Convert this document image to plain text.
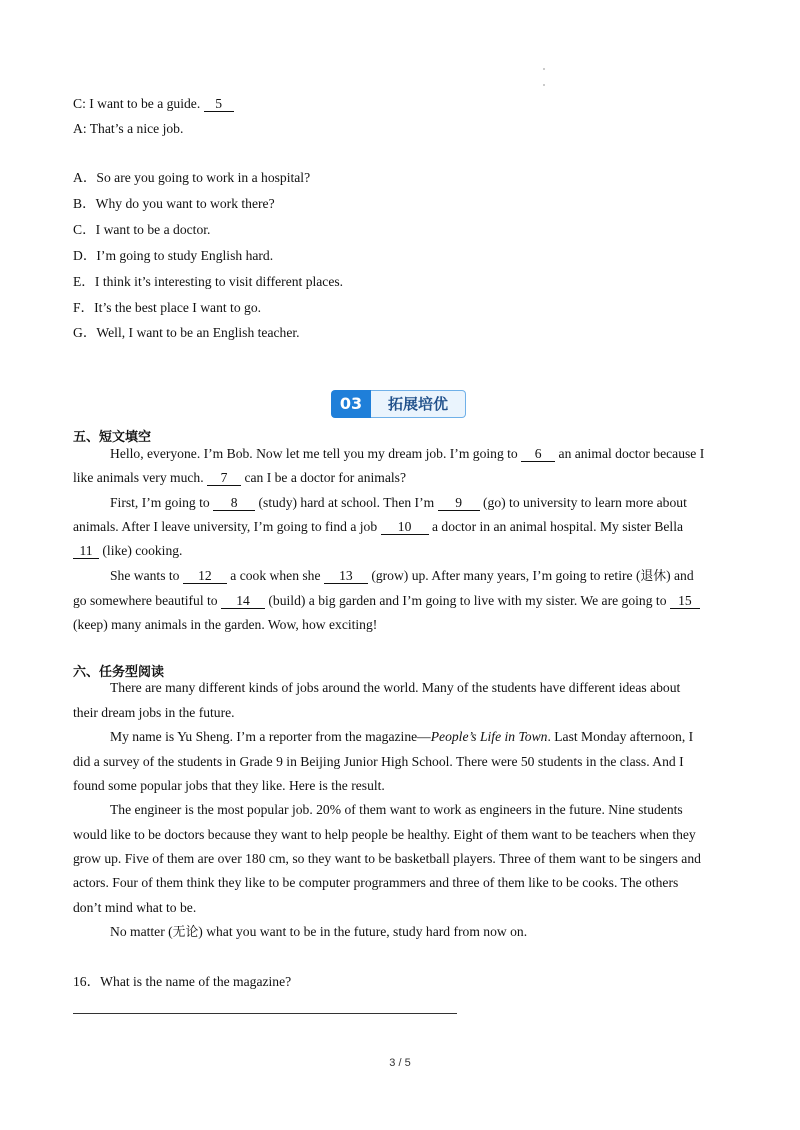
C: I want to be a guide. 5
A: That’s a nice job.
A．So are you going to work in a hospital?
B．Why do you want to work there?
C．I want to be a doctor.
D．I’m going to study English hard.
E．I think it’s interesting to visit different places.
F．It’s the best place I want to go.
G．Well, I want to be an English teacher.
03	拓展培优
五、短文填空
Hello, everyone. I’m Bob. Now let me tell you my dream job. I’m going to 6 an animal doctor because I
like animals very much. 7 can I be a doctor for animals?
First, I’m going to 8 (study) hard at school. Then I’m 9 (go) to university to learn more about
animals. After I leave university, I’m going to find a job 10 a doctor in an animal hospital. My sister Bella
11 (like) cooking.
She wants to 12 a cook when she 13 (grow) up. After many years, I’m going to retire (退休) and
go somewhere beautiful to 14 (build) a big garden and I’m going to live with my sister. We are going to 15
(keep) many animals in the garden. Wow, how exciting!
六、任务型阅读
There are many different kinds of jobs around the world. Many of the students have different ideas about
their dream jobs in the future.
My name is Yu Sheng. I’m a reporter from the magazine—People’s Life in Town. Last Monday afternoon, I
did a survey of the students in Grade 9 in Beijing Junior High School. There were 50 students in the class. And I
found some popular jobs that they like. Here is the result.
The engineer is the most popular job. 20% of them want to work as engineers in the future. Nine students
would like to be doctors because they want to help people be healthy. Eight of them want to be teachers when they
grow up. Five of them are over 180 cm, so they want to be basketball players. Three of them want to be singers and
actors. Four of them think they like to be computer programmers and three of them like to be cooks. The others
don’t mind what to be.
No matter (无论) what you want to be in the future, study hard from now on.
16．What is the name of the magazine?
3 / 5
